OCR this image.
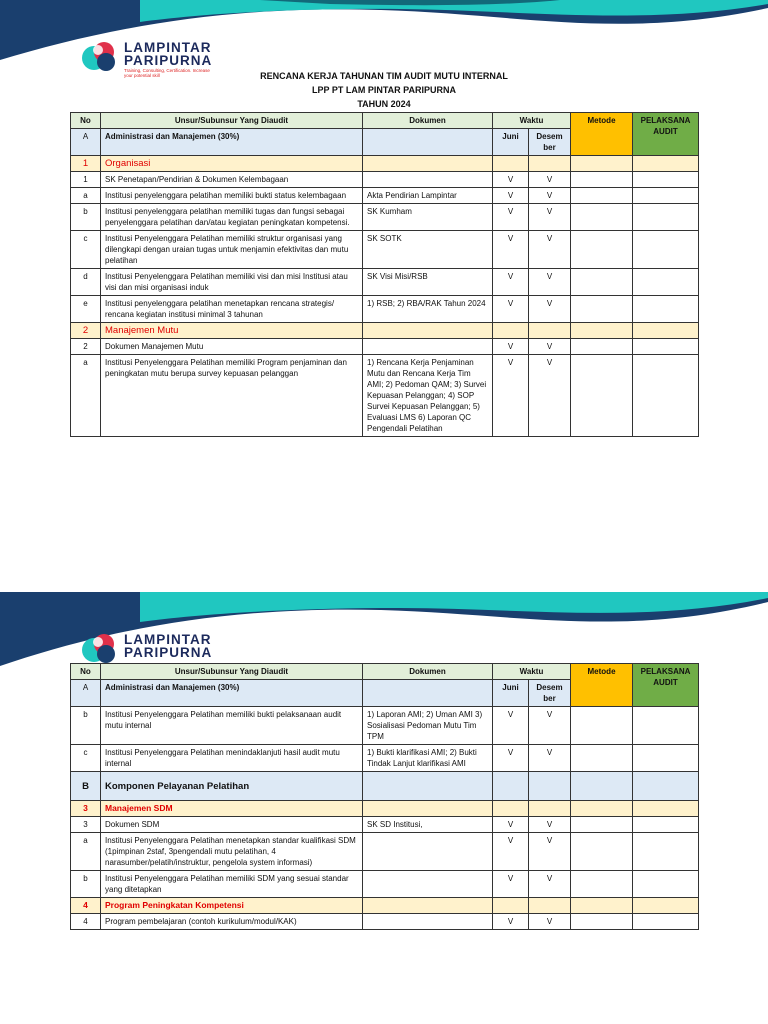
LAMPINTAR
PARIPURNA
Training, Consulting, Certification. Increase your potential skill	RENCANA KERJA TAHUNAN TIM AUDIT MUTU INTERNAL
LPP PT LAM PINTAR PARIPURNA
TAHUN 2024
No	Unsur/Subunsur Yang Diaudit	Dokumen	Waktu		Metode	PELAKSANA AUDIT
A	Administrasi dan Manajemen (30%)		Juni	Desem ber		
1	Organisasi					
1	SK Penetapan/Pendirian & Dokumen Kelembagaan		V	V		
a	Institusi penyelenggara pelatihan memiliki bukti status kelembagaan	Akta Pendirian Lampintar	V	V		
b	Institusi penyelenggara pelatihan memiliki tugas dan fungsi sebagai penyelenggara pelatihan dan/atau kegiatan peningkatan kompetensi.	SK Kumham	V	V		
c	Institusi Penyelenggara Pelatihan memiliki struktur organisasi yang dilengkapi dengan uraian tugas untuk menjamin efektivitas dan mutu pelatihan	SK SOTK	V	V		
d	Institusi Penyelenggara Pelatihan memiliki visi dan misi Institusi atau visi dan misi organisasi induk	SK Visi Misi/RSB	V	V		
e	Institusi penyelenggara pelatihan menetapkan rencana strategis/ rencana kegiatan institusi minimal 3 tahunan	1) RSB; 2) RBA/RAK Tahun 2024	V	V		
2	Manajemen Mutu					
2	Dokumen Manajemen Mutu		V	V		
a	Institusi Penyelenggara Pelatihan memiliki Program penjaminan dan peningkatan mutu berupa survey kepuasan pelanggan	1) Rencana Kerja Penjaminan Mutu dan Rencana Kerja Tim AMI; 2) Pedoman QAM; 3) Survei Kepuasan Pelanggan; 4) SOP Survei Kepuasan Pelanggan; 5) Evaluasi LMS 6) Laporan QC Pengendali Pelatihan	V	V		
LAMPINTAR
PARIPURNA
No	Unsur/Subunsur Yang Diaudit	Dokumen	Waktu		Metode	PELAKSANA AUDIT
A	Administrasi dan Manajemen (30%)		Juni	Desem ber		
b	Institusi Penyelenggara Pelatihan memiliki bukti pelaksanaan audit mutu internal	1) Laporan AMI; 2) Uman AMI 3) Sosialisasi Pedoman Mutu Tim TPM	V	V		
c	Institusi Penyelenggara Pelatihan menindaklanjuti hasil audit mutu internal	1) Bukti klarifikasi AMI; 2) Bukti Tindak Lanjut klarifikasi AMI	V	V		
B	Komponen Pelayanan Pelatihan					
3	Manajemen SDM					
3	Dokumen SDM	SK SD Institusi,	V	V		
a	Institusi Penyelenggara Pelatihan menetapkan standar kualifikasi SDM (1pimpinan 2staf, 3pengendali mutu pelatihan, 4 narasumber/pelatih/instruktur, pengelola system informasi)		V	V		
b	Institusi Penyelenggara Pelatihan memiliki SDM yang sesuai standar yang ditetapkan		V	V		
4	Program Peningkatan Kompetensi					
4	Program pembelajaran (contoh kurikulum/modul/KAK)		V	V		
